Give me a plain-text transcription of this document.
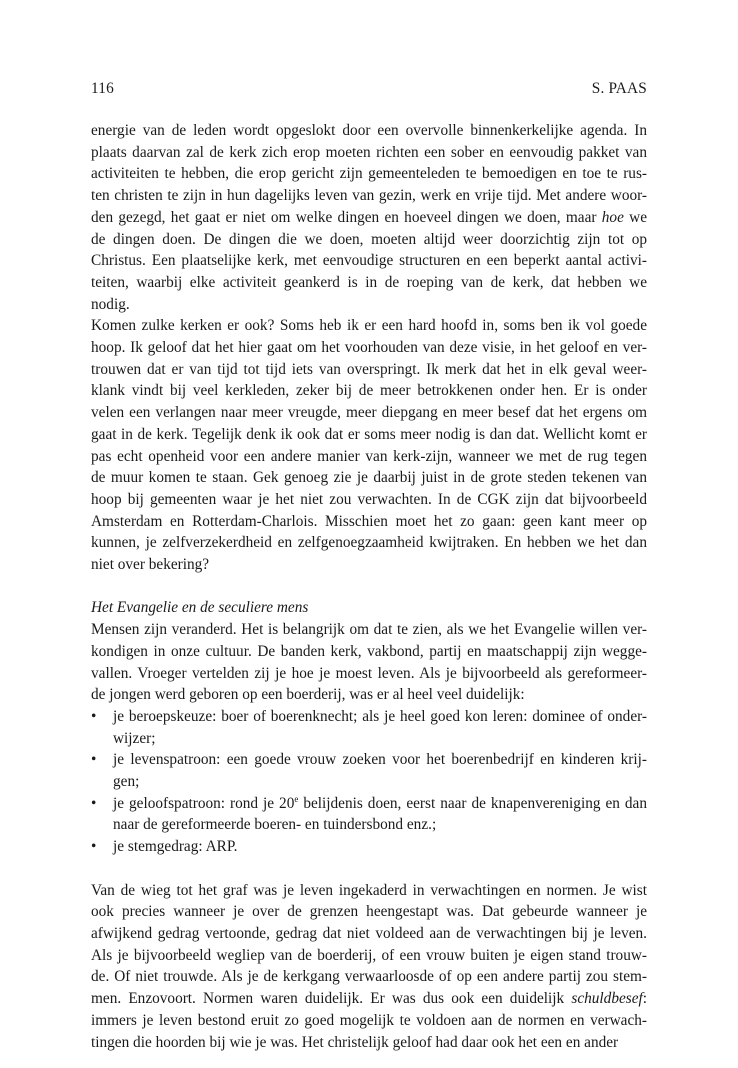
116	S. PAAS

energie van de leden wordt opgeslokt door een overvolle binnenkerkelijke agenda. In

plaats daarvan zal de kerk zich erop moeten richten een sober en eenvoudig pakket van

activiteiten te hebben, die erop gericht zijn gemeenteleden te bemoedigen en toe te rus-

ten christen te zijn in hun dagelijks leven van gezin, werk en vrije tijd. Met andere woor-

den gezegd, het gaat er niet om welke dingen en hoeveel dingen we doen, maar hoe we

de dingen doen. De dingen die we doen, moeten altijd weer doorzichtig zijn tot op

Christus. Een plaatselijke kerk, met eenvoudige structuren en een beperkt aantal activi-

teiten, waarbij elke activiteit geankerd is in de roeping van de kerk, dat hebben we

nodig.

Komen zulke kerken er ook? Soms heb ik er een hard hoofd in, soms ben ik vol goede

hoop. Ik geloof dat het hier gaat om het voorhouden van deze visie, in het geloof en ver-

trouwen dat er van tijd tot tijd iets van overspringt. Ik merk dat het in elk geval weer-

klank vindt bij veel kerkleden, zeker bij de meer betrokkenen onder hen. Er is onder

velen een verlangen naar meer vreugde, meer diepgang en meer besef dat het ergens om

gaat in de kerk. Tegelijk denk ik ook dat er soms meer nodig is dan dat. Wellicht komt er

pas echt openheid voor een andere manier van kerk-zijn, wanneer we met de rug tegen

de muur komen te staan. Gek genoeg zie je daarbij juist in de grote steden tekenen van

hoop bij gemeenten waar je het niet zou verwachten. In de CGK zijn dat bijvoorbeeld

Amsterdam en Rotterdam-Charlois. Misschien moet het zo gaan: geen kant meer op

kunnen, je zelfverzekerdheid en zelfgenoegzaamheid kwijtraken. En hebben we het dan

niet over bekering?

Het Evangelie en de seculiere mens

Mensen zijn veranderd. Het is belangrijk om dat te zien, als we het Evangelie willen ver-

kondigen in onze cultuur. De banden kerk, vakbond, partij en maatschappij zijn wegge-

vallen. Vroeger vertelden zij je hoe je moest leven. Als je bijvoorbeeld als gereformeer-

de jongen werd geboren op een boerderij, was er al heel veel duidelijk:

• je beroepskeuze: boer of boerenknecht; als je heel goed kon leren: dominee of onder-

wijzer;

• je levenspatroon: een goede vrouw zoeken voor het boerenbedrijf en kinderen krij-

gen;

• je geloofspatroon: rond je 20e belijdenis doen, eerst naar de knapenvereniging en dan

naar de gereformeerde boeren- en tuindersbond enz.;

• je stemgedrag: ARP.

Van de wieg tot het graf was je leven ingekaderd in verwachtingen en normen. Je wist

ook precies wanneer je over de grenzen heengestapt was. Dat gebeurde wanneer je

afwijkend gedrag vertoonde, gedrag dat niet voldeed aan de verwachtingen bij je leven.

Als je bijvoorbeeld wegliep van de boerderij, of een vrouw buiten je eigen stand trouw-

de. Of niet trouwde. Als je de kerkgang verwaarloosde of op een andere partij zou stem-

men. Enzovoort. Normen waren duidelijk. Er was dus ook een duidelijk schuldbesef:

immers je leven bestond eruit zo goed mogelijk te voldoen aan de normen en verwach-

tingen die hoorden bij wie je was. Het christelijk geloof had daar ook het een en ander
